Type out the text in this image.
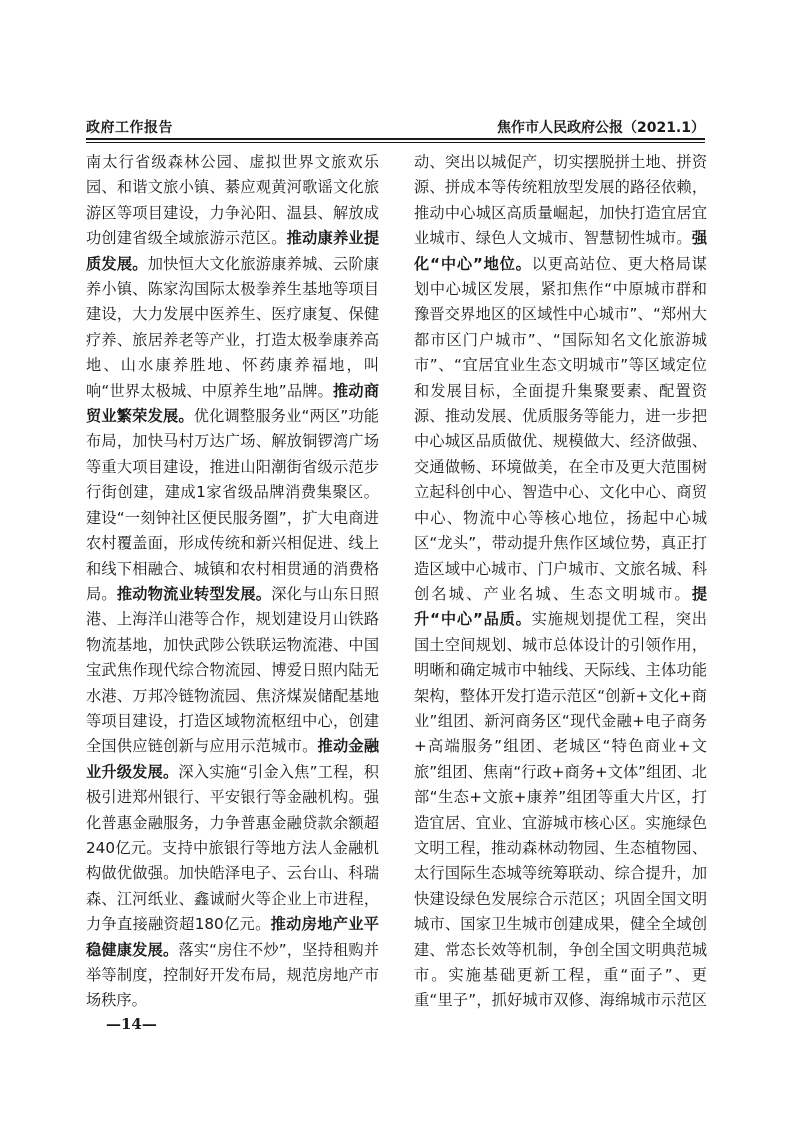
政府工作报告	焦作市人民政府公报（2021.1）

南太行省级森林公园、虚拟世界文旅欢乐园、和谐文旅小镇、綦应观黄河歌谣文化旅游区等项目建设，力争沁阳、温县、解放成功创建省级全域旅游示范区。推动康养业提质发展。加快恒大文化旅游康养城、云阶康养小镇、陈家沟国际太极拳养生基地等项目建设，大力发展中医养生、医疗康复、保健疗养、旅居养老等产业，打造太极拳康养高地、山水康养胜地、怀药康养福地，叫响“世界太极城、中原养生地”品牌。推动商贸业繁荣发展。优化调整服务业“两区”功能布局，加快马村万达广场、解放铜锣湾广场等重大项目建设，推进山阳潮街省级示范步行街创建，建成1家省级品牌消费集聚区。建设“一刻钟社区便民服务圈”，扩大电商进农村覆盖面，形成传统和新兴相促进、线上和线下相融合、城镇和农村相贯通的消费格局。推动物流业转型发展。深化与山东日照港、上海洋山港等合作，规划建设月山铁路物流基地，加快武陟公铁联运物流港、中国宝武焦作现代综合物流园、博爱日照内陆无水港、万邦冷链物流园、焦济煤炭储配基地等项目建设，打造区域物流枢纽中心，创建全国供应链创新与应用示范城市。推动金融业升级发展。深入实施“引金入焦”工程，积极引进郑州银行、平安银行等金融机构。强化普惠金融服务，力争普惠金融贷款余额超240亿元。支持中旅银行等地方法人金融机构做优做强。加快皓泽电子、云台山、科瑞森、江河纸业、鑫诚耐火等企业上市进程，力争直接融资超180亿元。推动房地产业平稳健康发展。落实“房住不炒”，坚持租购并举等制度，控制好开发布局，规范房地产市场秩序。

动、突出以城促产，切实摆脱拼土地、拼资源、拼成本等传统粗放型发展的路径依赖，推动中心城区高质量崛起，加快打造宜居宜业城市、绿色人文城市、智慧韧性城市。强化“中心”地位。以更高站位、更大格局谋划中心城区发展，紧扣焦作“中原城市群和豫晋交界地区的区域性中心城市”、“郑州大都市区门户城市”、“国际知名文化旅游城市”、“宜居宜业生态文明城市”等区域定位和发展目标，全面提升集聚要素、配置资源、推动发展、优质服务等能力，进一步把中心城区品质做优、规模做大、经济做强、交通做畅、环境做美，在全市及更大范围树立起科创中心、智造中心、文化中心、商贸中心、物流中心等核心地位，扬起中心城区“龙头”，带动提升焦作区域位势，真正打造区域中心城市、门户城市、文旅名城、科创名城、产业名城、生态文明城市。提升“中心”品质。实施规划提优工程，突出国土空间规划、城市总体设计的引领作用，明晰和确定城市中轴线、天际线、主体功能架构，整体开发打造示范区“创新+文化+商业”组团、新河商务区“现代金融+电子商务+高端服务”组团、老城区“特色商业+文旅”组团、焦南“行政+商务+文体”组团、北部“生态+文旅+康养”组团等重大片区，打造宜居、宜业、宜游城市核心区。实施绿色文明工程，推动森林动物园、生态植物园、太行国际生态城等统筹联动、综合提升，加快建设绿色发展综合示范区；巩固全国文明城市、国家卫生城市创建成果，健全全域创建、常态长效等机制，争创全国文明典范城市。实施基础更新工程，重“面子”、更重“里子”，抓好城市双修、海绵城市示范区

—14—
